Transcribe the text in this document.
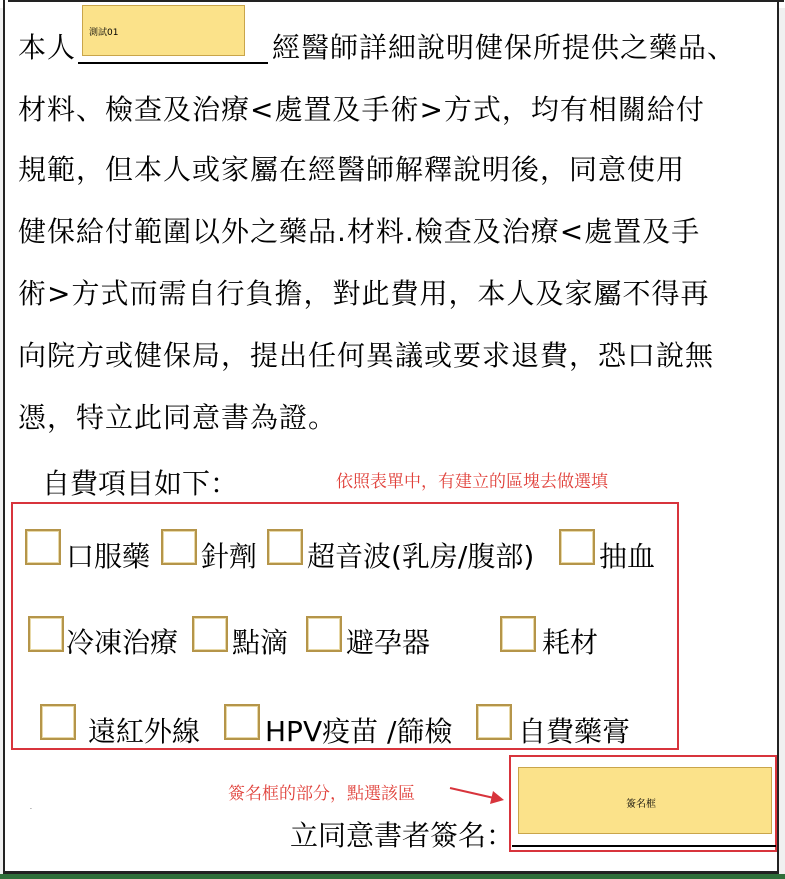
本人 測試01	經醫師詳細說明健保所提供之藥品、
材料、檢查及治療<處置及手術>方式，均有相關給付
規範，但本人或家屬在經醫師解釋說明後，同意使用
健保給付範圍以外之藥品.材料.檢查及治療<處置及手
術>方式而需自行負擔，對此費用，本人及家屬不得再
向院方或健保局，提出任何異議或要求退費，恐口說無
憑，特立此同意書為證。
自費項目如下：	依照表單中，有建立的區塊去做選填
口服藥 針劑 超音波(乳房/腹部) 抽血
冷凍治療 點滴 避孕器	耗材
遠紅外線 HPV疫苗 /篩檢 自費藥膏
簽名框的部分，點選該區
·	簽名框
立同意書者簽名：
